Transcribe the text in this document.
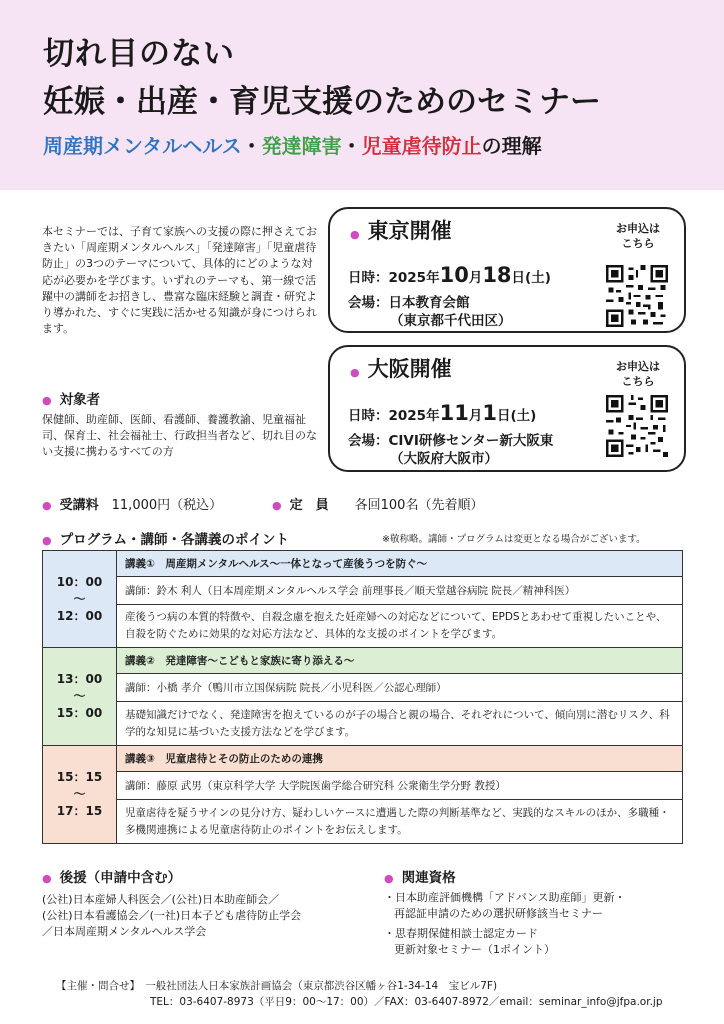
切れ目のない
妊娠・出産・育児支援のためのセミナー
周産期メンタルヘルス・発達障害・児童虐待防止の理解
本セミナーでは、子育て家族への支援の際に押さえておきたい「周産期メンタルヘルス」「発達障害」「児童虐待防止」の3つのテーマについて、具体的にどのような対応が必要かを学びます。いずれのテーマも、第一線で活躍中の講師をお招きし、豊富な臨床経験と調査・研究より導かれた、すぐに実践に活かせる知識が身につけられます。
● 対象者
保健師、助産師、医師、看護師、養護教諭、児童福祉司、保育士、社会福祉士、行政担当者など、切れ目のない支援に携わるすべての方
● 東京開催
日時：2025年10月18日(土)
会場：日本教育会館
（東京都千代田区）
お申込は
こちら
● 大阪開催
日時：2025年11月1日(土)
会場：CIVI研修センター新大阪東
（大阪府大阪市）
お申込は
こちら
● 受講料　 11,000円（税込）	● 定　員　　 各回100名（先着順）
● プログラム・講師・各講義のポイント	※敬称略。講師・プログラムは変更となる場合がございます。
10：00
〜
12：00	講義①　周産期メンタルヘルス〜一体となって産後うつを防ぐ〜
	講師：鈴木 利人（日本周産期メンタルヘルス学会 前理事長／順天堂越谷病院 院長／精神科医）
	産後うつ病の本質的特徴や、自殺念慮を抱えた妊産婦への対応などについて、EPDSとあわせて重視したいことや、自殺を防ぐために効果的な対応方法など、具体的な支援のポイントを学びます。

13：00
〜
15：00	講義②　発達障害〜こどもと家族に寄り添える〜
	講師：小橋 孝介（鴨川市立国保病院 院長／小児科医／公認心理師）
	基礎知識だけでなく、発達障害を抱えているのが子の場合と親の場合、それぞれについて、傾向別に潜むリスク、科学的な知見に基づいた支援方法などを学びます。

15：15
〜
17：15	講義③　児童虐待とその防止のための連携
	講師：藤原 武男（東京科学大学 大学院医歯学総合研究科 公衆衛生学分野 教授）
	児童虐待を疑うサインの見分け方、疑わしいケースに遭遇した際の判断基準など、実践的なスキルのほか、多職種・多機関連携による児童虐待防止のポイントをお伝えします。
● 後援（申請中含む）
(公社)日本産婦人科医会／(公社)日本助産師会／
(公社)日本看護協会／(一社)日本子ども虐待防止学会
／日本周産期メンタルヘルス学会
● 関連資格
・日本助産評価機構「アドバンス助産師」更新・
再認証申請のための選択研修該当セミナー
・思春期保健相談士認定カード
更新対象セミナー（1ポイント）
【主催・問合せ】　一般社団法人日本家族計画協会（東京都渋谷区幡ヶ谷1-34-14　宝ビル7F)
TEL：03-6407-8973（平日9：00〜17：00）／FAX：03-6407-8972／email：seminar_info@jfpa.or.jp
